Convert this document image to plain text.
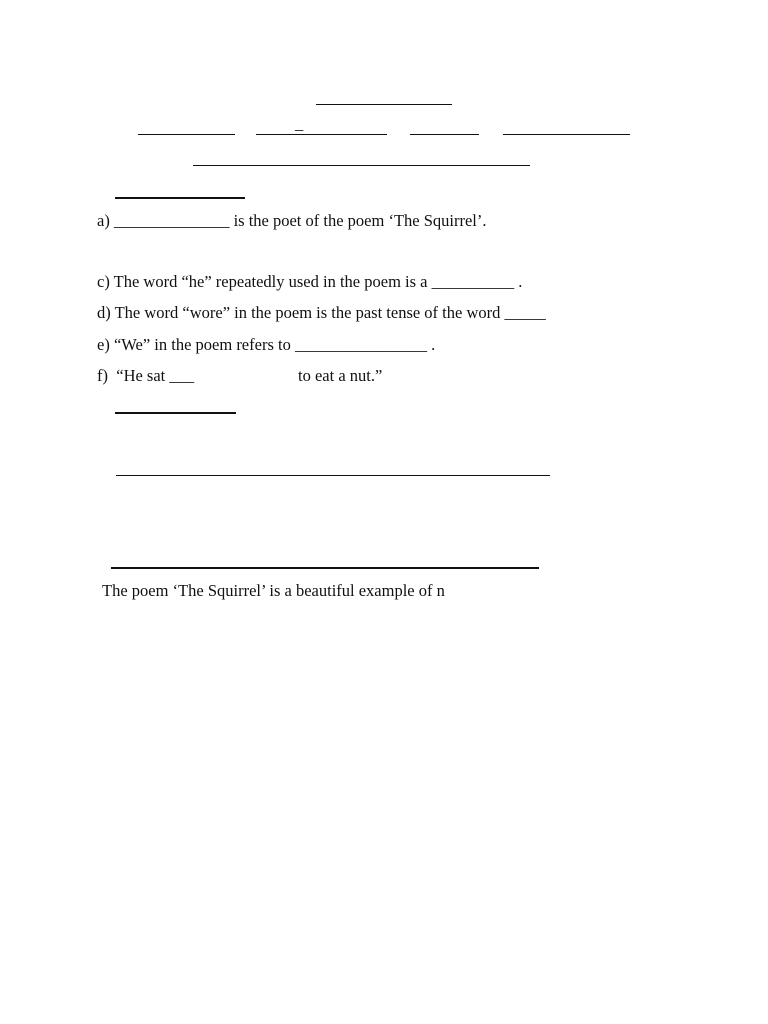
_
a) ______________ is the poet of the poem ‘The Squirrel’.
c) The word “he” repeatedly used in the poem is a __________ .
d) The word “wore” in the poem is the past tense of the word _____
e) “We” in the poem refers to ________________ .
f)  “He sat ___	to eat a nut.”
The poem ‘The Squirrel’ is a beautiful example of n
